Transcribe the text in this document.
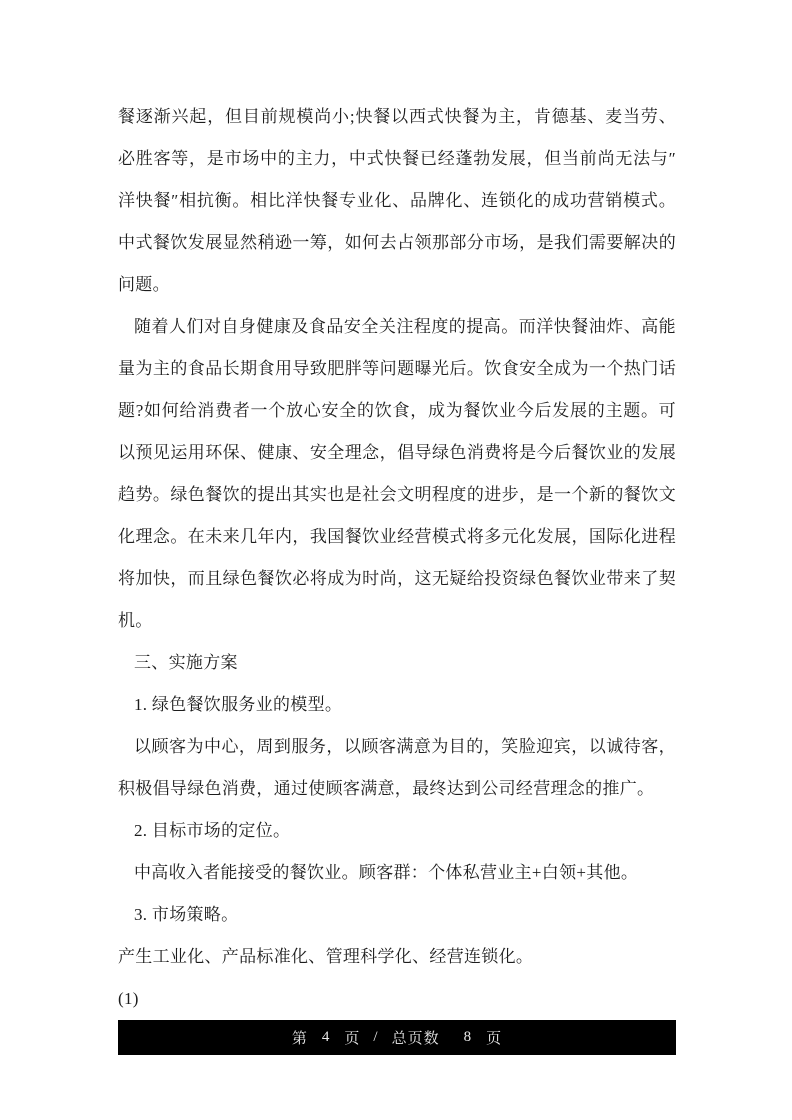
餐逐渐兴起，但目前规模尚小;快餐以西式快餐为主，肯德基、麦当劳、
必胜客等，是市场中的主力，中式快餐已经蓬勃发展，但当前尚无法与″
洋快餐″相抗衡。相比洋快餐专业化、品牌化、连锁化的成功营销模式。
中式餐饮发展显然稍逊一筹，如何去占领那部分市场，是我们需要解决的
问题。
随着人们对自身健康及食品安全关注程度的提高。而洋快餐油炸、高能
量为主的食品长期食用导致肥胖等问题曝光后。饮食安全成为一个热门话
题?如何给消费者一个放心安全的饮食，成为餐饮业今后发展的主题。可
以预见运用环保、健康、安全理念，倡导绿色消费将是今后餐饮业的发展
趋势。绿色餐饮的提出其实也是社会文明程度的进步，是一个新的餐饮文
化理念。在未来几年内，我国餐饮业经营模式将多元化发展，国际化进程
将加快，而且绿色餐饮必将成为时尚，这无疑给投资绿色餐饮业带来了契
机。
三、实施方案
1. 绿色餐饮服务业的模型。
以顾客为中心，周到服务，以顾客满意为目的，笑脸迎宾，以诚待客，
积极倡导绿色消费，通过使顾客满意，最终达到公司经营理念的推广。
2. 目标市场的定位。
中高收入者能接受的餐饮业。顾客群：个体私营业主+白领+其他。
3. 市场策略。
产生工业化、产品标准化、管理科学化、经营连锁化。
(1)
第 4 页 / 总页数 8 页
